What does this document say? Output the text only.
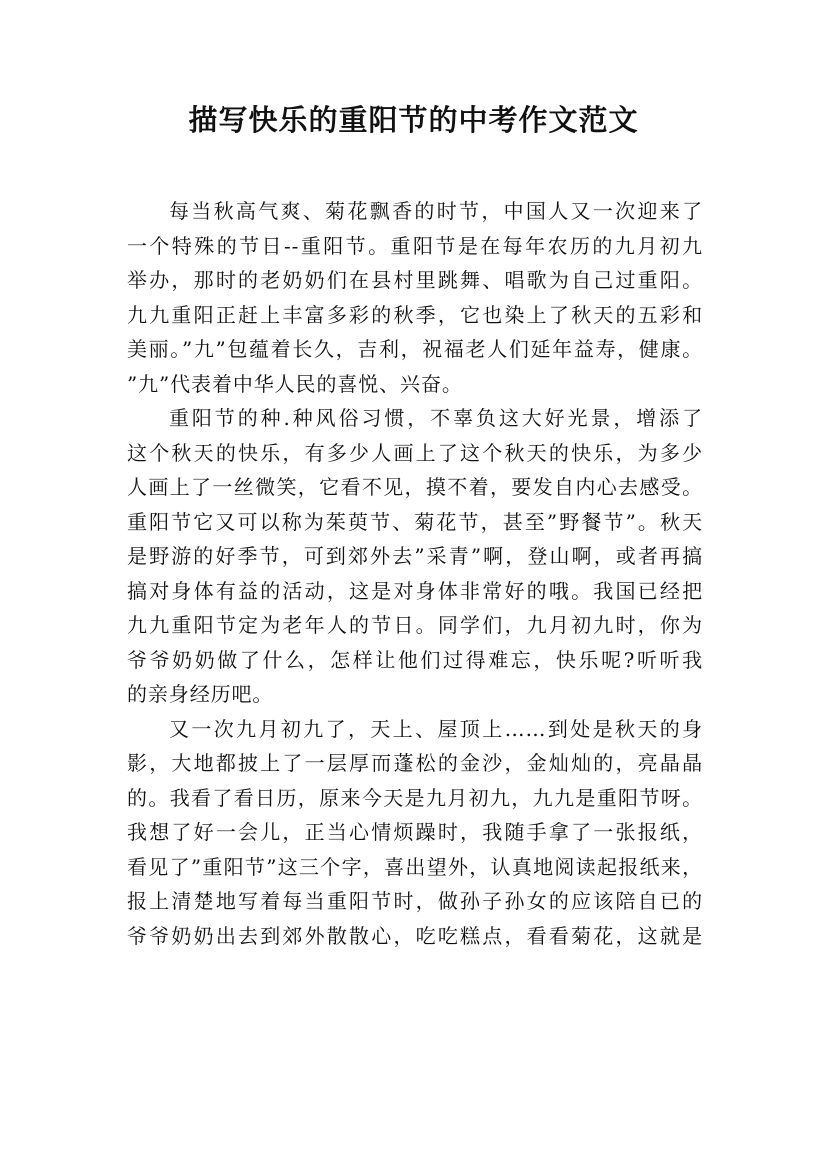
描写快乐的重阳节的中考作文范文
每当秋高气爽、菊花飘香的时节，中国人又一次迎来了
一个特殊的节日--重阳节。重阳节是在每年农历的九月初九
举办，那时的老奶奶们在县村里跳舞、唱歌为自己过重阳。
九九重阳正赶上丰富多彩的秋季，它也染上了秋天的五彩和
美丽。”九”包蕴着长久，吉利，祝福老人们延年益寿，健康。
”九”代表着中华人民的喜悦、兴奋。
重阳节的种.种风俗习惯，不辜负这大好光景，增添了
这个秋天的快乐，有多少人画上了这个秋天的快乐，为多少
人画上了一丝微笑，它看不见，摸不着，要发自内心去感受。
重阳节它又可以称为茱萸节、菊花节，甚至”野餐节”。秋天
是野游的好季节，可到郊外去”采青”啊，登山啊，或者再搞
搞对身体有益的活动，这是对身体非常好的哦。我国已经把
九九重阳节定为老年人的节日。同学们，九月初九时，你为
爷爷奶奶做了什么，怎样让他们过得难忘，快乐呢?听听我
的亲身经历吧。
又一次九月初九了，天上、屋顶上……到处是秋天的身
影，大地都披上了一层厚而蓬松的金沙，金灿灿的，亮晶晶
的。我看了看日历，原来今天是九月初九，九九是重阳节呀。
我想了好一会儿，正当心情烦躁时，我随手拿了一张报纸，
看见了”重阳节”这三个字，喜出望外，认真地阅读起报纸来，
报上清楚地写着每当重阳节时，做孙子孙女的应该陪自已的
爷爷奶奶出去到郊外散散心，吃吃糕点，看看菊花，这就是
